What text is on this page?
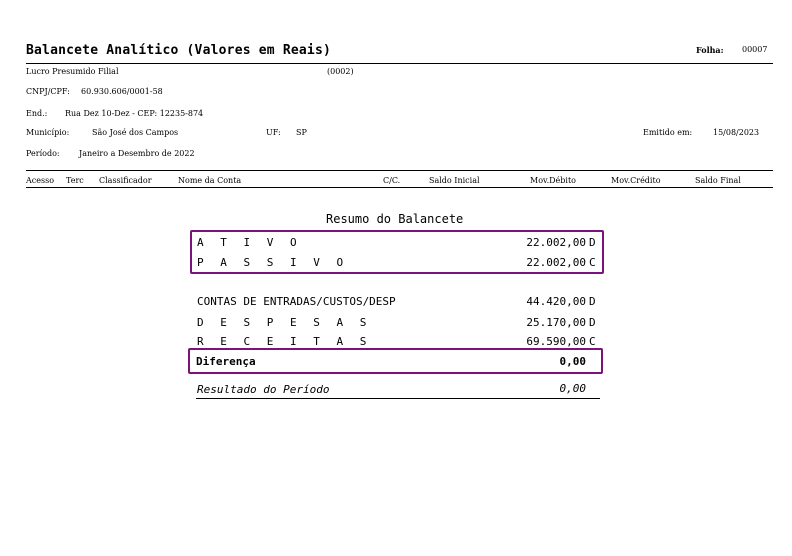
Balancete Analítico (Valores em Reais)	Folha: 00007
Lucro Presumido Filial	(0002)
CNPJ/CPF: 60.930.606/0001-58
End.: Rua Dez 10-Dez - CEP: 12235-874
Município:	São José dos Campos	UF: SP	Emitido em:	15/08/2023
Período: Janeiro a Desembro de 2022
Acesso Terc Classificador	Nome da Conta	C/C.	Saldo Inicial	Mov.Débito	Mov.Crédito	Saldo Final
Resumo do Balancete
A T I V O	22.002,00 D
P A S S I V O	22.002,00 C
CONTAS DE ENTRADAS/CUSTOS/DESP	44.420,00 D
D E S P E S A S	25.170,00 D
R E C E I T A S	69.590,00 C
Diferença	0,00
Resultado do Período	0,00
